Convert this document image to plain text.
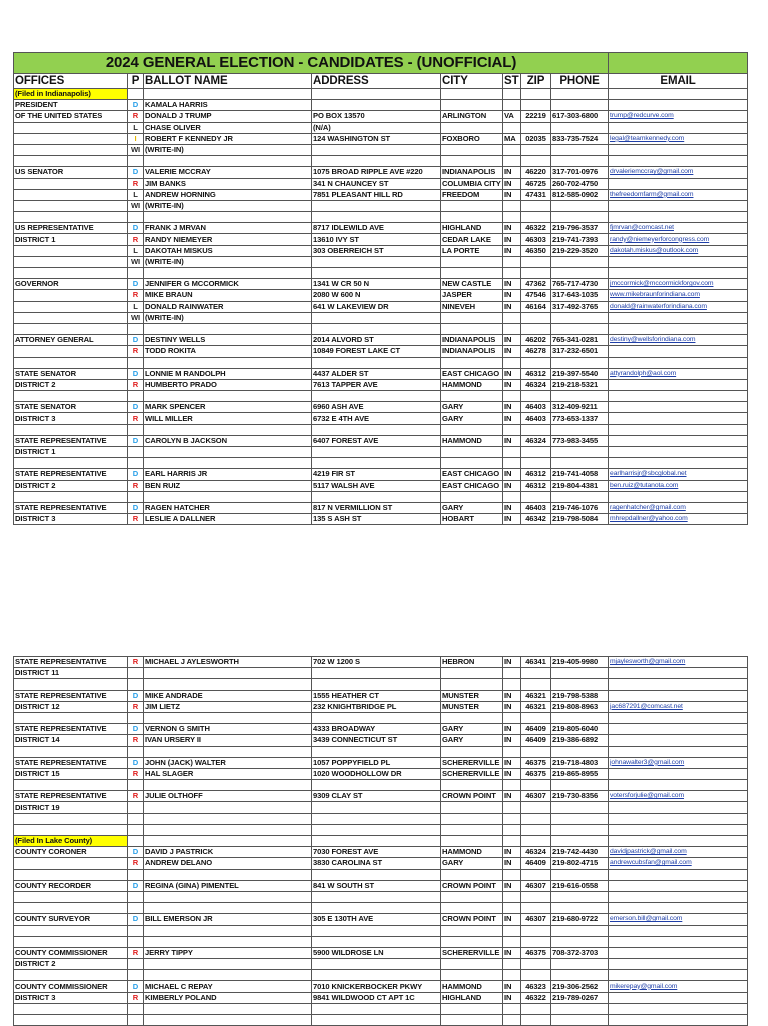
2024 GENERAL ELECTION - CANDIDATES - (UNOFFICIAL)								
OFFICES	P	BALLOT NAME	ADDRESS	CITY	ST	ZIP	PHONE	EMAIL
(Filed in Indianapolis)								
PRESIDENT	D	KAMALA HARRIS						
OF THE UNITED STATES	R	DONALD J TRUMP	PO BOX 13570	ARLINGTON	VA	22219	617-303-6800	trump@redcurve.com
	L	CHASE OLIVER	(N/A)					
	I	ROBERT F KENNEDY JR	124 WASHINGTON ST	FOXBORO	MA	02035	833-735-7524	legal@teamkennedy.com
	WI	(WRITE-IN)						

US SENATOR	D	VALERIE MCCRAY	1075 BROAD RIPPLE AVE #220	INDIANAPOLIS	IN	46220	317-701-0976	drvaleriemccray@gmail.com
	R	JIM BANKS	341 N CHAUNCEY ST	COLUMBIA CITY	IN	46725	260-702-4750	
	L	ANDREW HORNING	7851 PLEASANT HILL RD	FREEDOM	IN	47431	812-585-0902	thefreedomfarm@gmail.com
	WI	(WRITE-IN)						

US REPRESENTATIVE	D	FRANK J MRVAN	8717 IDLEWILD AVE	HIGHLAND	IN	46322	219-796-3537	fjmrvan@comcast.net
DISTRICT 1	R	RANDY NIEMEYER	13610 IVY ST	CEDAR LAKE	IN	46303	219-741-7393	randy@niemeyerforcongress.com
	L	DAKOTAH MISKUS	303 OBERREICH ST	LA PORTE	IN	46350	219-229-3520	dakotah.miskus@outlook.com
	WI	(WRITE-IN)						

GOVERNOR	D	JENNIFER G MCCORMICK	1341 W CR 50 N	NEW CASTLE	IN	47362	765-717-4730	jmccormick@mccormickforgov.com
	R	MIKE BRAUN	2080 W 600 N	JASPER	IN	47546	317-643-1035	www.mikebraunforindiana.com
	L	DONALD RAINWATER	641 W LAKEVIEW DR	NINEVEH	IN	46164	317-492-3765	donald@rainwaterforindiana.com
	WI	(WRITE-IN)						

ATTORNEY GENERAL	D	DESTINY WELLS	2014 ALVORD ST	INDIANAPOLIS	IN	46202	765-341-0281	destiny@wellsforindiana.com
	R	TODD ROKITA	10849 FOREST LAKE CT	INDIANAPOLIS	IN	46278	317-232-6501	

STATE SENATOR	D	LONNIE M RANDOLPH	4437 ALDER ST	EAST CHICAGO	IN	46312	219-397-5540	attyrandolph@aol.com
DISTRICT 2	R	HUMBERTO PRADO	7613 TAPPER AVE	HAMMOND	IN	46324	219-218-5321	

STATE SENATOR	D	MARK SPENCER	6960 ASH AVE	GARY	IN	46403	312-409-9211	
DISTRICT 3	R	WILL MILLER	6732 E 4TH AVE	GARY	IN	46403	773-653-1337	

STATE REPRESENTATIVE	D	CAROLYN B JACKSON	6407 FOREST AVE	HAMMOND	IN	46324	773-983-3455	
DISTRICT 1								

STATE REPRESENTATIVE	D	EARL HARRIS JR	4219 FIR ST	EAST CHICAGO	IN	46312	219-741-4058	earlharrisjr@sbcglobal.net
DISTRICT 2	R	BEN RUIZ	5117 WALSH AVE	EAST CHICAGO	IN	46312	219-804-4381	ben.ruiz@tutanota.com

STATE REPRESENTATIVE	D	RAGEN HATCHER	817 N VERMILLION ST	GARY	IN	46403	219-746-1076	ragenhatcher@gmail.com
DISTRICT 3	R	LESLIE A DALLNER	135 S ASH ST	HOBART	IN	46342	219-798-5084	mhrepdallner@yahoo.com
STATE REPRESENTATIVE	R	MICHAEL J AYLESWORTH	702 W 1200 S	HEBRON	IN	46341	219-405-9980	mjaylesworth@gmail.com
DISTRICT 11								

STATE REPRESENTATIVE	D	MIKE ANDRADE	1555 HEATHER CT	MUNSTER	IN	46321	219-798-5388	
DISTRICT 12	R	JIM LIETZ	232 KNIGHTBRIDGE PL	MUNSTER	IN	46321	219-808-8963	jac687291@comcast.net

STATE REPRESENTATIVE	D	VERNON G SMITH	4333 BROADWAY	GARY	IN	46409	219-805-6040	
DISTRICT 14	R	IVAN URSERY II	3439 CONNECTICUT ST	GARY	IN	46409	219-386-6892	

STATE REPRESENTATIVE	D	JOHN (JACK) WALTER	1057 POPPYFIELD PL	SCHERERVILLE	IN	46375	219-718-4803	johnawalter3@gmail.com
DISTRICT 15	R	HAL SLAGER	1020 WOODHOLLOW DR	SCHERERVILLE	IN	46375	219-865-8955	

STATE REPRESENTATIVE	R	JULIE OLTHOFF	9309 CLAY ST	CROWN POINT	IN	46307	219-730-8356	votersforjulie@gmail.com
DISTRICT 19								

(Filed In Lake County)								
COUNTY CORONER	D	DAVID J PASTRICK	7030 FOREST AVE	HAMMOND	IN	46324	219-742-4430	davidjpastrick@gmail.com
	R	ANDREW DELANO	3830 CAROLINA ST	GARY	IN	46409	219-802-4715	andrewcubsfan@gmail.com

COUNTY RECORDER	D	REGINA (GINA) PIMENTEL	841 W SOUTH ST	CROWN POINT	IN	46307	219-616-0558	

COUNTY SURVEYOR	D	BILL EMERSON JR	305 E 130TH AVE	CROWN POINT	IN	46307	219-680-9722	emerson.bill@gmail.com

COUNTY COMMISSIONER	R	JERRY TIPPY	5900 WILDROSE LN	SCHERERVILLE	IN	46375	708-372-3703	
DISTRICT 2								

COUNTY COMMISSIONER	D	MICHAEL C REPAY	7010 KNICKERBOCKER PKWY	HAMMOND	IN	46323	219-306-2562	mikerepay@gmail.com
DISTRICT 3	R	KIMBERLY POLAND	9841 WILDWOOD CT APT 1C	HIGHLAND	IN	46322	219-789-0267	
